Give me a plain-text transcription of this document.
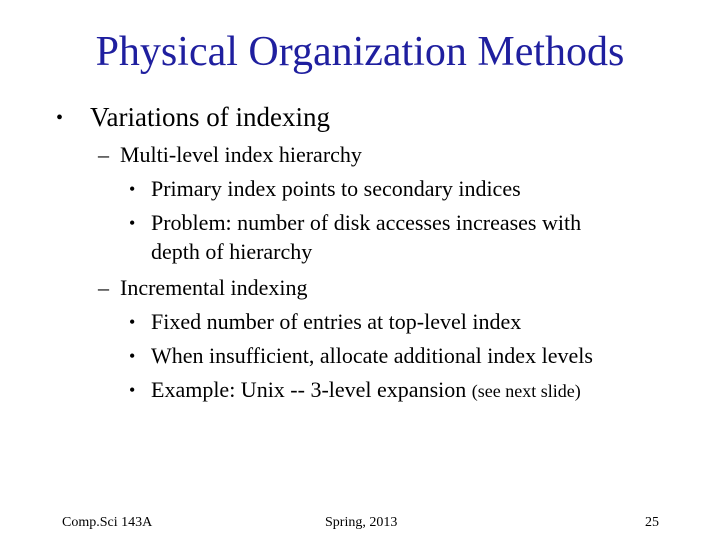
Physical Organization Methods
• Variations of indexing
– Multi-level index hierarchy
• Primary index points to secondary indices
• Problem: number of disk accesses increases with
depth of hierarchy
– Incremental indexing
• Fixed number of entries at top-level index
• When insufficient, allocate additional index levels
• Example: Unix -- 3-level expansion (see next slide)
Comp.Sci 143A	Spring, 2013	25
